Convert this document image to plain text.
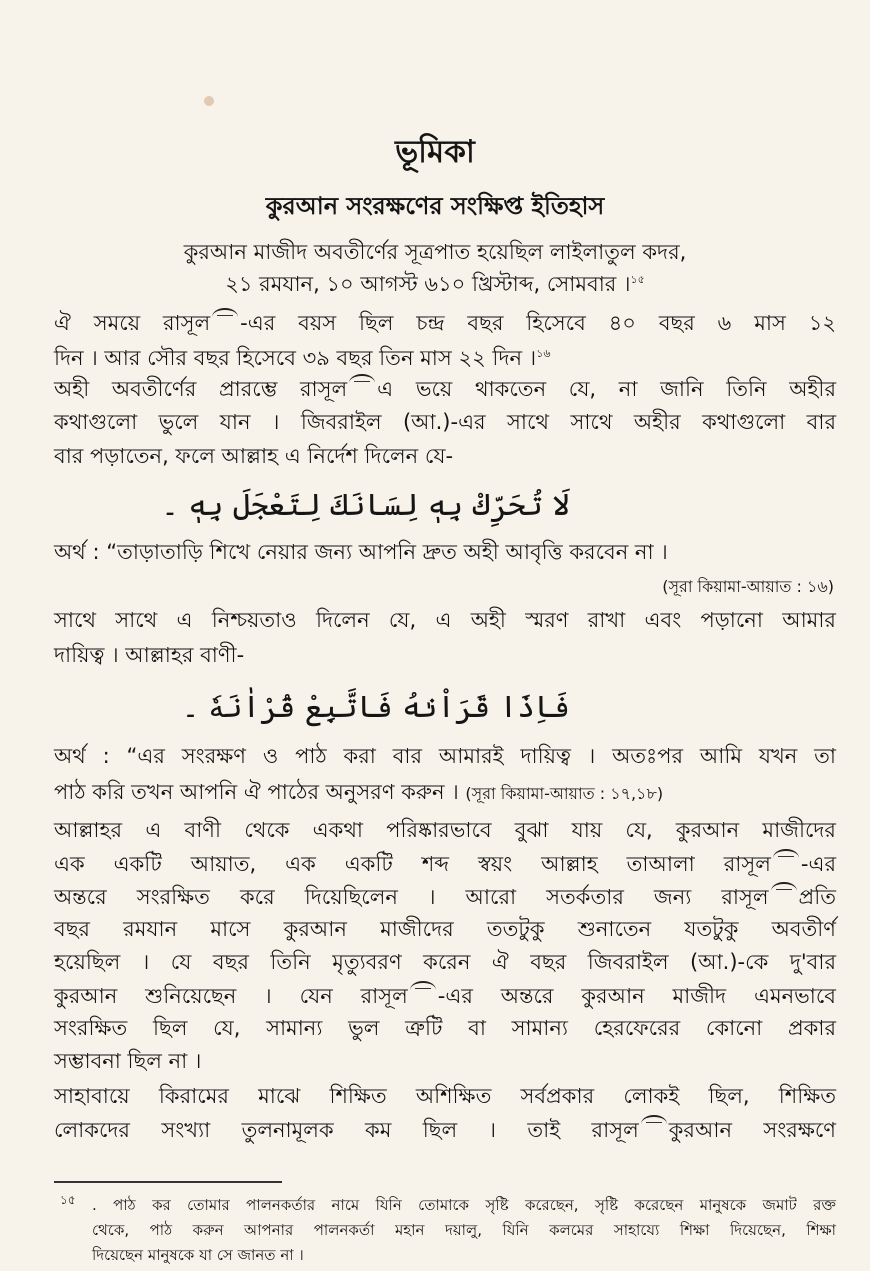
ভূমিকা
কুরআন সংরক্ষণের সংক্ষিপ্ত ইতিহাস
কুরআন মাজীদ অবতীর্ণের সূত্রপাত হয়েছিল লাইলাতুল কদর,
২১ রমযান, ১০ আগস্ট ৬১০ খ্রিস্টাব্দ, সোমবার ।$^{১৫}$
ঐ সময়ে রাসূল -এর বয়স ছিল চন্দ্র বছর হিসেবে ৪০ বছর ৬ মাস ১২
দিন । আর সৌর বছর হিসেবে ৩৯ বছর তিন মাস ২২ দিন ।$^{১৬}$
অহী অবতীর্ণের প্রারম্ভে রাসূল এ ভয়ে থাকতেন যে, না জানি তিনি অহীর
কথাগুলো ভুলে যান । জিবরাইল (আ.)-এর সাথে সাথে অহীর কথাগুলো বার
বার পড়াতেন, ফলে আল্লাহ এ নির্দেশ দিলেন যে-
لَا تُحَرِّكْ بِهٖ لِسَانَكَ لِتَعْجَلَ بِهٖ ۔
অর্থ : “তাড়াতাড়ি শিখে নেয়ার জন্য আপনি দ্রুত অহী আবৃত্তি করবেন না ।
(সূরা কিয়ামা-আয়াত : ১৬)
সাথে সাথে এ নিশ্চয়তাও দিলেন যে, এ অহী স্মরণ রাখা এবং পড়ানো আমার
দায়িত্ব । আল্লাহর বাণী-
فَاِذَا قَرَاْنٰهُ فَاتَّبِعْ قُرْاٰنَهٗ ۔
অর্থ : “এর সংরক্ষণ ও পাঠ করা বার আমারই দায়িত্ব । অতঃপর আমি যখন তা
পাঠ করি তখন আপনি ঐ পাঠের অনুসরণ করুন । (সূরা কিয়ামা-আয়াত : ১৭,১৮)
আল্লাহর এ বাণী থেকে একথা পরিষ্কারভাবে বুঝা যায় যে, কুরআন মাজীদের
এক একটি আয়াত, এক একটি শব্দ স্বয়ং আল্লাহ তাআলা রাসূল -এর
অন্তরে সংরক্ষিত করে দিয়েছিলেন । আরো সতর্কতার জন্য রাসূল প্রতি
বছর রমযান মাসে কুরআন মাজীদের ততটুকু শুনাতেন যতটুকু অবতীর্ণ
হয়েছিল । যে বছর তিনি মৃত্যুবরণ করেন ঐ বছর জিবরাইল (আ.)-কে দু'বার
কুরআন শুনিয়েছেন । যেন রাসূল -এর অন্তরে কুরআন মাজীদ এমনভাবে
সংরক্ষিত ছিল যে, সামান্য ভুল ত্রুটি বা সামান্য হেরফেরের কোনো প্রকার
সম্ভাবনা ছিল না ।
সাহাবায়ে কিরামের মাঝে শিক্ষিত অশিক্ষিত সর্বপ্রকার লোকই ছিল, শিক্ষিত
লোকদের সংখ্যা তুলনামূলক কম ছিল । তাই রাসূল কুরআন সংরক্ষণে
১৫ . পাঠ কর তোমার পালনকর্তার নামে যিনি তোমাকে সৃষ্টি করেছেন, সৃষ্টি করেছেন মানুষকে জমাট রক্ত
থেকে, পাঠ করুন আপনার পালনকর্তা মহান দয়ালু, যিনি কলমের সাহায্যে শিক্ষা দিয়েছেন, শিক্ষা
দিয়েছেন মানুষকে যা সে জানত না ।
